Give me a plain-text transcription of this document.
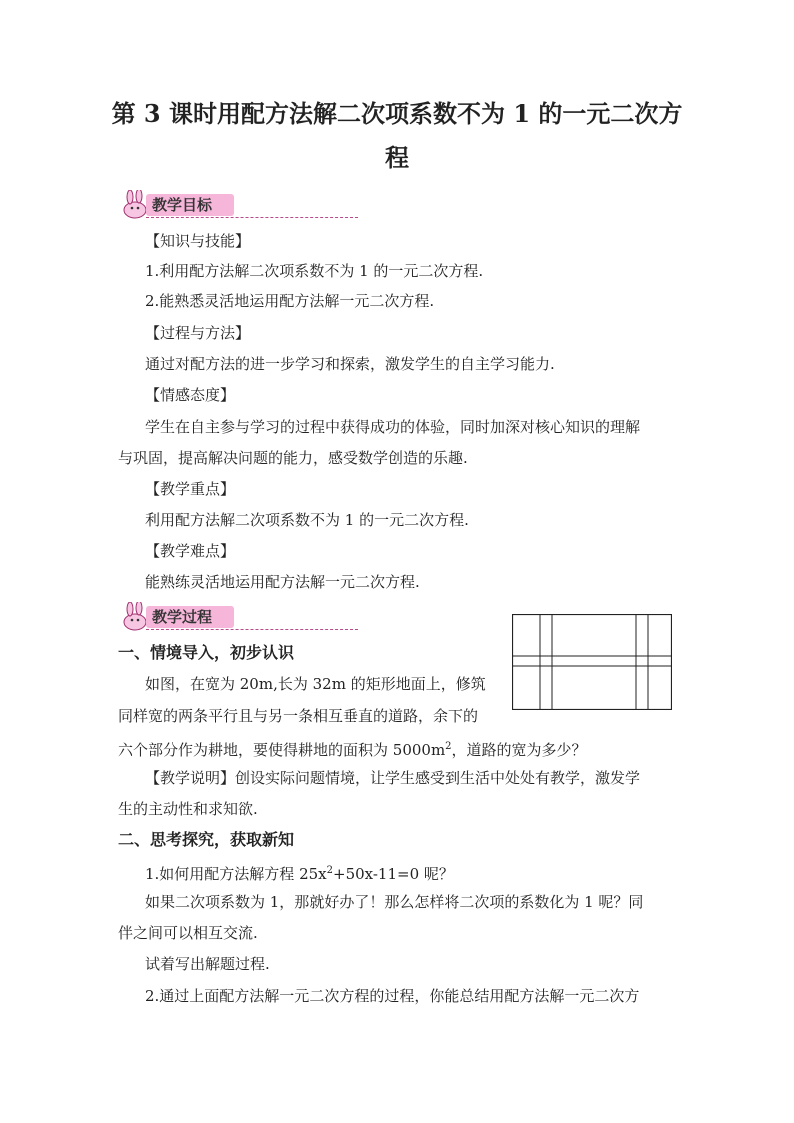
第 3 课时用配方法解二次项系数不为 1 的一元二次方
程
教学目标
【知识与技能】
1.利用配方法解二次项系数不为 1 的一元二次方程.
2.能熟悉灵活地运用配方法解一元二次方程.
【过程与方法】
通过对配方法的进一步学习和探索，激发学生的自主学习能力.
【情感态度】
学生在自主参与学习的过程中获得成功的体验，同时加深对核心知识的理解
与巩固，提高解决问题的能力，感受数学创造的乐趣.
【教学重点】
利用配方法解二次项系数不为 1 的一元二次方程.
【教学难点】
能熟练灵活地运用配方法解一元二次方程.
教学过程
一、情境导入，初步认识
如图，在宽为 20m,长为 32m 的矩形地面上，修筑
同样宽的两条平行且与另一条相互垂直的道路，余下的
六个部分作为耕地，要使得耕地的面积为 $5000m^2$，道路的宽为多少？
【教学说明】创设实际问题情境，让学生感受到生活中处处有教学，激发学
生的主动性和求知欲.
二、思考探究，获取新知
1.如何用配方法解方程 $25x^2+50x-11=0$ 呢？
如果二次项系数为 1，那就好办了！那么怎样将二次项的系数化为 1 呢？同
伴之间可以相互交流.
试着写出解题过程.
2.通过上面配方法解一元二次方程的过程，你能总结用配方法解一元二次方
